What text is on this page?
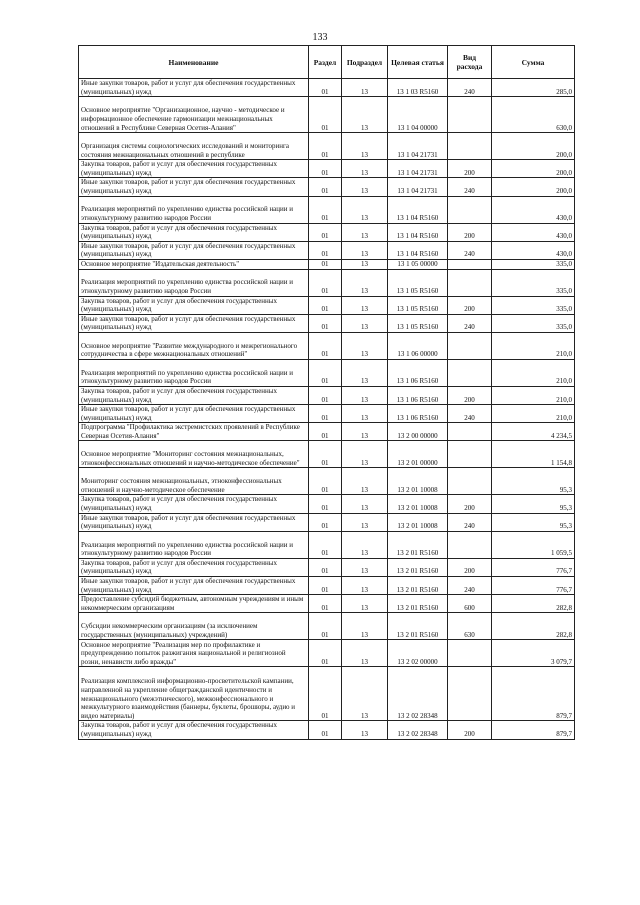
133
Наименование	Раздел	Подраздел	Целевая статья	Вид расхода	Сумма
Иные закупки товаров, работ и услуг для обеспечения государственных (муниципальных) нужд	01	13	13 1 03 R5160	240	285,0
Основное мероприятие "Организационное, научно - методическое и информационное обеспечение гармонизации межнациональных отношений в Республике Северная Осетия-Алания"	01	13	13 1 04 00000		630,0
Организация системы социологических исследований и мониторинга состояния межнациональных отношений в республике	01	13	13 1 04 21731		200,0
Закупка товаров, работ и услуг для обеспечения государственных (муниципальных) нужд	01	13	13 1 04 21731	200	200,0
Иные закупки товаров, работ и услуг для обеспечения государственных (муниципальных) нужд	01	13	13 1 04 21731	240	200,0
Реализация мероприятий по укреплению единства российской нации и этнокультурному развитию народов России	01	13	13 1 04 R5160		430,0
Закупка товаров, работ и услуг для обеспечения государственных (муниципальных) нужд	01	13	13 1 04 R5160	200	430,0
Иные закупки товаров, работ и услуг для обеспечения государственных (муниципальных) нужд	01	13	13 1 04 R5160	240	430,0
Основное мероприятие "Издательская деятельность"	01	13	13 1 05 00000		335,0
Реализация мероприятий по укреплению единства российской нации и этнокультурному развитию народов России	01	13	13 1 05 R5160		335,0
Закупка товаров, работ и услуг для обеспечения государственных (муниципальных) нужд	01	13	13 1 05 R5160	200	335,0
Иные закупки товаров, работ и услуг для обеспечения государственных (муниципальных) нужд	01	13	13 1 05 R5160	240	335,0
Основное мероприятие "Развитие международного и межрегионального сотрудничества в сфере межнациональных отношений"	01	13	13 1 06 00000		210,0
Реализация мероприятий по укреплению единства российской нации и этнокультурному развитию народов России	01	13	13 1 06 R5160		210,0
Закупка товаров, работ и услуг для обеспечения государственных (муниципальных) нужд	01	13	13 1 06 R5160	200	210,0
Иные закупки товаров, работ и услуг для обеспечения государственных (муниципальных) нужд	01	13	13 1 06 R5160	240	210,0
Подпрограмма "Профилактика экстремистских проявлений в Республике Северная Осетия-Алания"	01	13	13 2 00 00000		4 234,5
Основное мероприятие "Мониторинг состояния межнациональных, этноконфессиональных отношений и научно-методическое обеспечение"	01	13	13 2 01 00000		1 154,8
Мониторинг состояния межнациональных, этноконфессиональных отношений и научно-методическое обеспечение	01	13	13 2 01 10008		95,3
Закупка товаров, работ и услуг для обеспечения государственных (муниципальных) нужд	01	13	13 2 01 10008	200	95,3
Иные закупки товаров, работ и услуг для обеспечения государственных (муниципальных) нужд	01	13	13 2 01 10008	240	95,3
Реализация мероприятий по укреплению единства российской нации и этнокультурному развитию народов России	01	13	13 2 01 R5160		1 059,5
Закупка товаров, работ и услуг для обеспечения государственных (муниципальных) нужд	01	13	13 2 01 R5160	200	776,7
Иные закупки товаров, работ и услуг для обеспечения государственных (муниципальных) нужд	01	13	13 2 01 R5160	240	776,7
Предоставление субсидий бюджетным, автономным учреждениям и иным некоммерческим организациям	01	13	13 2 01 R5160	600	282,8
Субсидии некоммерческим организациям (за исключением государственных (муниципальных) учреждений)	01	13	13 2 01 R5160	630	282,8
Основное мероприятие "Реализация мер по профилактике и предупреждению попыток разжигания национальной и религиозной розни, ненависти либо вражды"	01	13	13 2 02 00000		3 079,7
Реализация комплексной информационно-просветительской кампании, направленной на укрепление общегражданской идентичности и межнационального (межэтнического), межконфессионального и межкультурного взаимодействия (баннеры, буклеты, брошюры, аудио и видео материалы)	01	13	13 2 02 28348		879,7
Закупка товаров, работ и услуг для обеспечения государственных (муниципальных) нужд	01	13	13 2 02 28348	200	879,7
